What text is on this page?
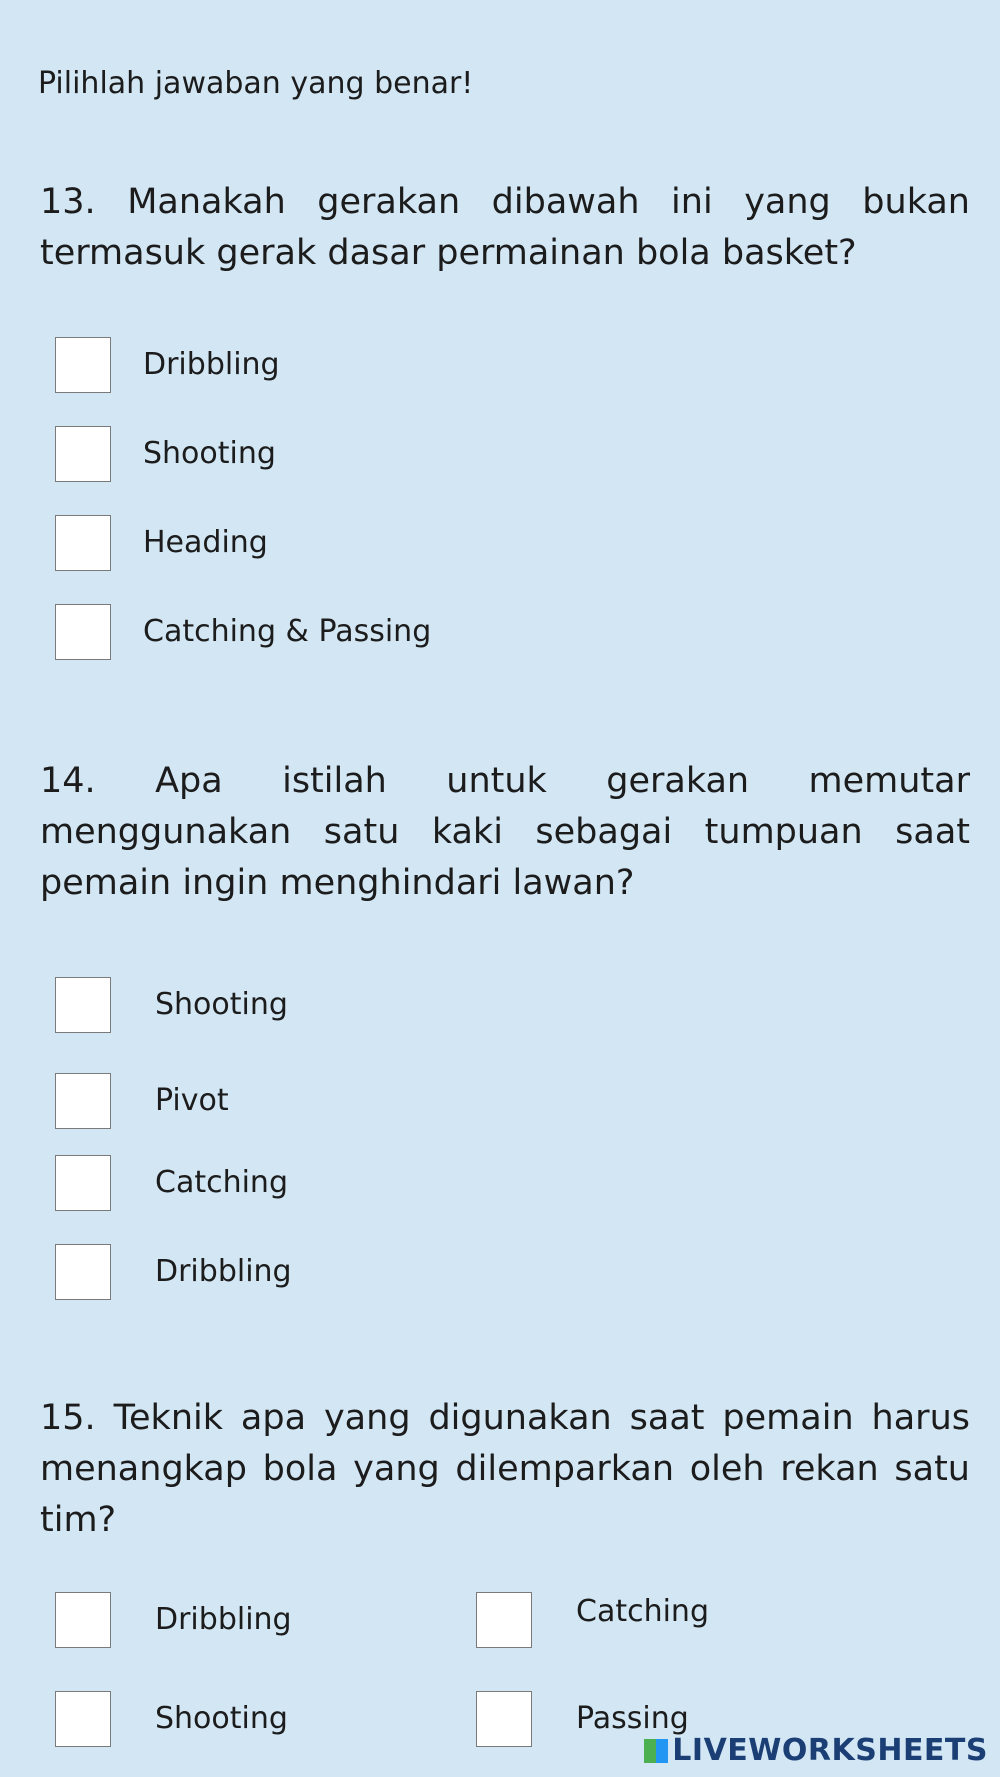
Pilihlah jawaban yang benar!
13. Manakah gerakan dibawah ini yang bukan termasuk gerak dasar permainan bola basket?
Dribbling
Shooting
Heading
Catching & Passing
14. Apa istilah untuk gerakan memutar menggunakan satu kaki sebagai tumpuan saat pemain ingin menghindari lawan?
Shooting
Pivot
Catching
Dribbling
15. Teknik apa yang digunakan saat pemain harus menangkap bola yang dilemparkan oleh rekan satu tim?
Dribbling	Catching
Shooting	Passing
LIVEWORKSHEETS
